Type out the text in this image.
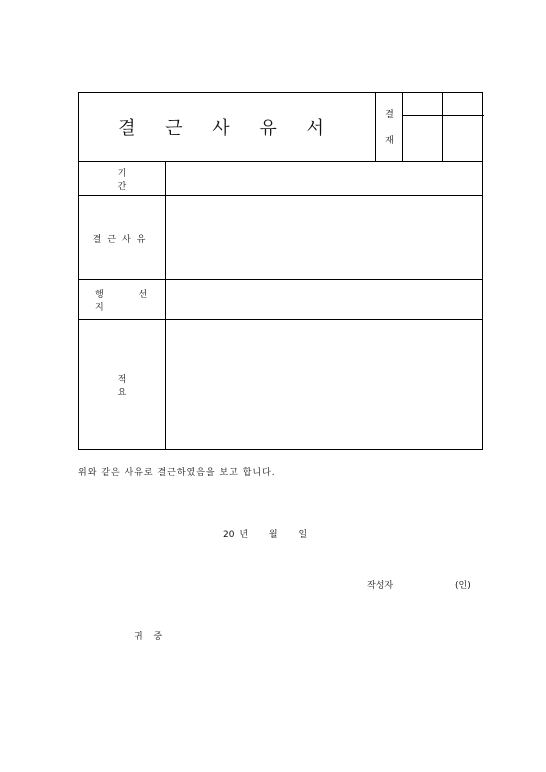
결 근 사 유 서
결
재
기 간
결근사유
행 선 지
적 요
위와 같은 사유로 결근하였음을 보고 합니다.
20 년 월 일
작성자	(인)
귀 중
